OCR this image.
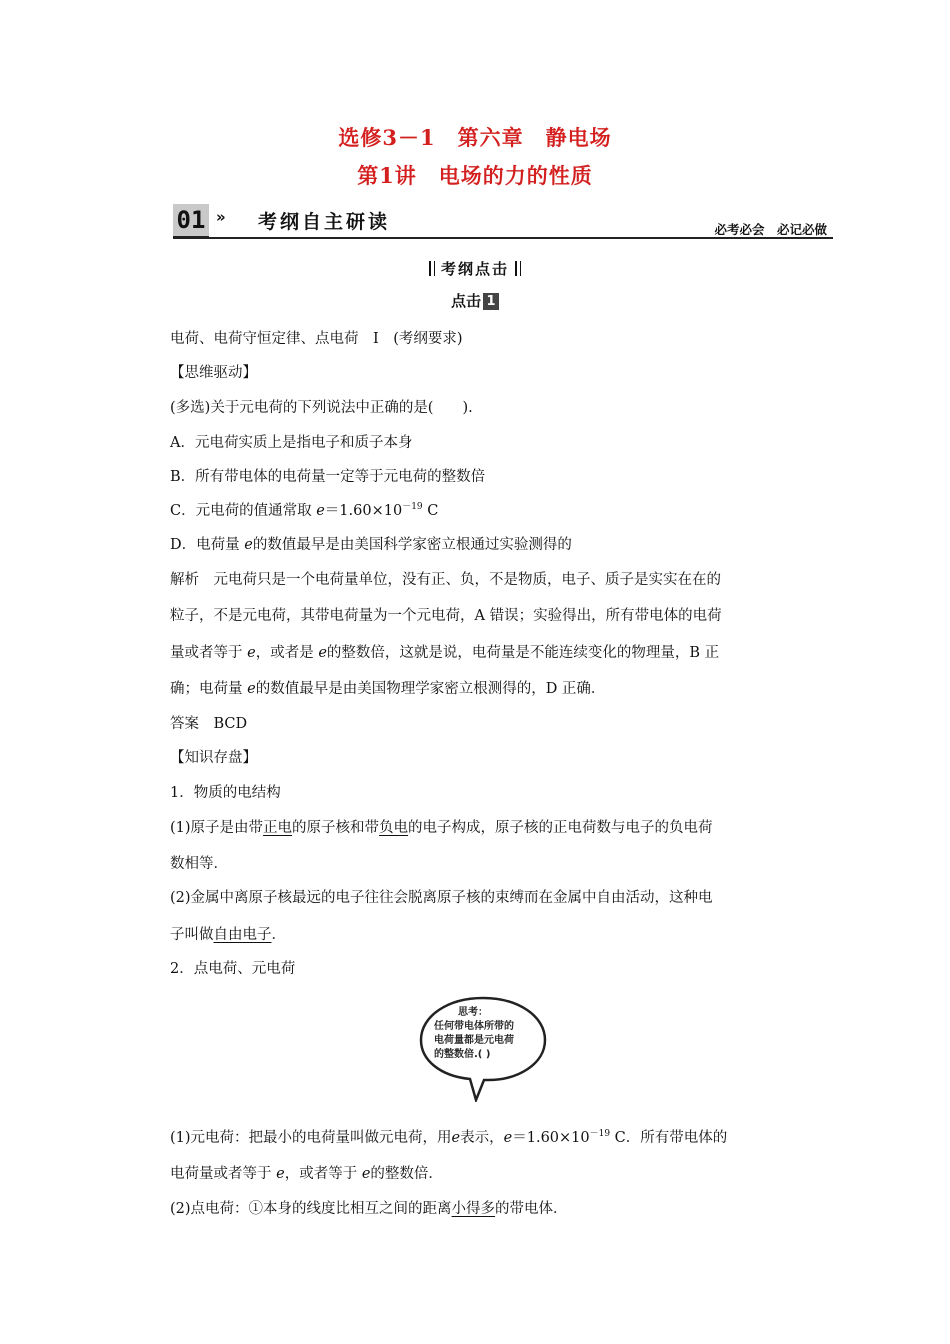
选修3－1　第六章　静电场
第1讲　电场的力的性质
01 » 考纲自主研读	必考必会　必记必做
考纲点击
点击 1
电荷、电荷守恒定律、点电荷　Ⅰ　(考纲要求)
【思维驱动】
(多选)关于元电荷的下列说法中正确的是(　　).
A．元电荷实质上是指电子和质子本身
B．所有带电体的电荷量一定等于元电荷的整数倍
C．元电荷的值通常取 $e=1.60\times 10^{-19}$ C
D．电荷量 e的数值最早是由美国科学家密立根通过实验测得的
解析　元电荷只是一个电荷量单位，没有正、负，不是物质，电子、质子是实实在在的
粒子，不是元电荷，其带电荷量为一个元电荷，A 错误；实验得出，所有带电体的电荷
量或者等于 e，或者是 e的整数倍，这就是说，电荷量是不能连续变化的物理量，B 正
确；电荷量 e的数值最早是由美国物理学家密立根测得的，D 正确．
答案　BCD
【知识存盘】
1．物质的电结构
(1)原子是由带正电的原子核和带负电的电子构成，原子核的正电荷数与电子的负电荷
数相等．
(2)金属中离原子核最远的电子往往会脱离原子核的束缚而在金属中自由活动，这种电
子叫做自由电子．
2．点电荷、元电荷
思考：
任何带电体所带的
电荷量都是元电荷
的整数倍.( )
(1)元电荷：把最小的电荷量叫做元电荷，用e表示，$e=1.60\times 10^{-19}$ C．所有带电体的
电荷量或者等于 e，或者等于 e的整数倍．
(2)点电荷：①本身的线度比相互之间的距离小得多的带电体．
